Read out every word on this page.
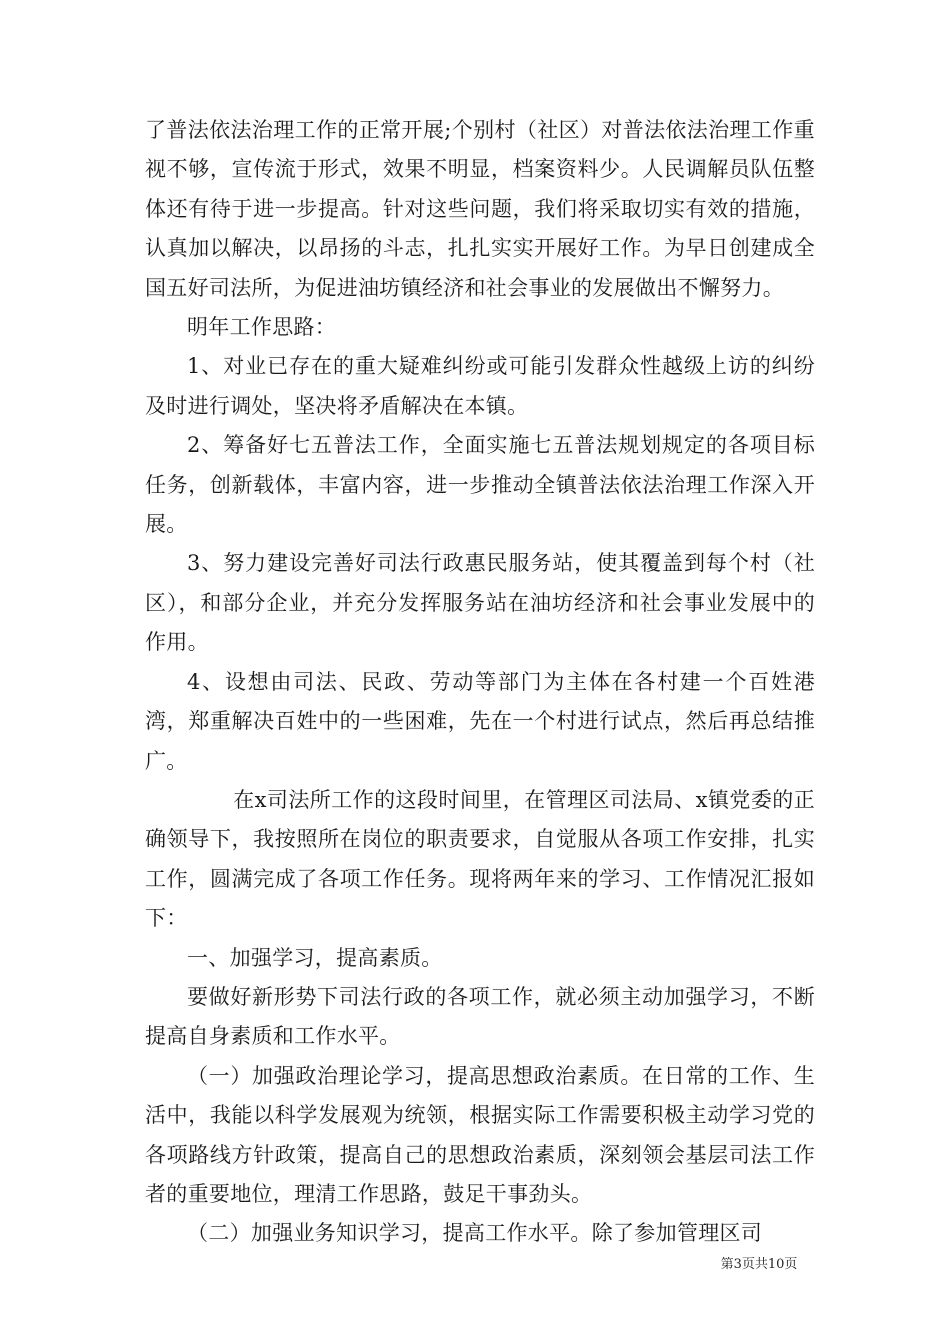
了普法依法治理工作的正常开展;个别村（社区）对普法依法治理工作重视不够，宣传流于形式，效果不明显，档案资料少。人民调解员队伍整体还有待于进一步提高。针对这些问题，我们将采取切实有效的措施，认真加以解决，以昂扬的斗志，扎扎实实开展好工作。为早日创建成全国五好司法所，为促进油坊镇经济和社会事业的发展做出不懈努力。

明年工作思路：

1、对业已存在的重大疑难纠纷或可能引发群众性越级上访的纠纷及时进行调处，坚决将矛盾解决在本镇。

2、筹备好七五普法工作，全面实施七五普法规划规定的各项目标任务，创新载体，丰富内容，进一步推动全镇普法依法治理工作深入开展。

3、努力建设完善好司法行政惠民服务站，使其覆盖到每个村（社区），和部分企业，并充分发挥服务站在油坊经济和社会事业发展中的作用。

4、设想由司法、民政、劳动等部门为主体在各村建一个百姓港湾，郑重解决百姓中的一些困难，先在一个村进行试点，然后再总结推广。

在x司法所工作的这段时间里，在管理区司法局、x镇党委的正确领导下，我按照所在岗位的职责要求，自觉服从各项工作安排，扎实工作，圆满完成了各项工作任务。现将两年来的学习、工作情况汇报如下：

一、加强学习，提高素质。

要做好新形势下司法行政的各项工作，就必须主动加强学习，不断提高自身素质和工作水平。

（一）加强政治理论学习，提高思想政治素质。在日常的工作、生活中，我能以科学发展观为统领，根据实际工作需要积极主动学习党的各项路线方针政策，提高自己的思想政治素质，深刻领会基层司法工作者的重要地位，理清工作思路，鼓足干事劲头。

（二）加强业务知识学习，提高工作水平。除了参加管理区司

第3页共10页
